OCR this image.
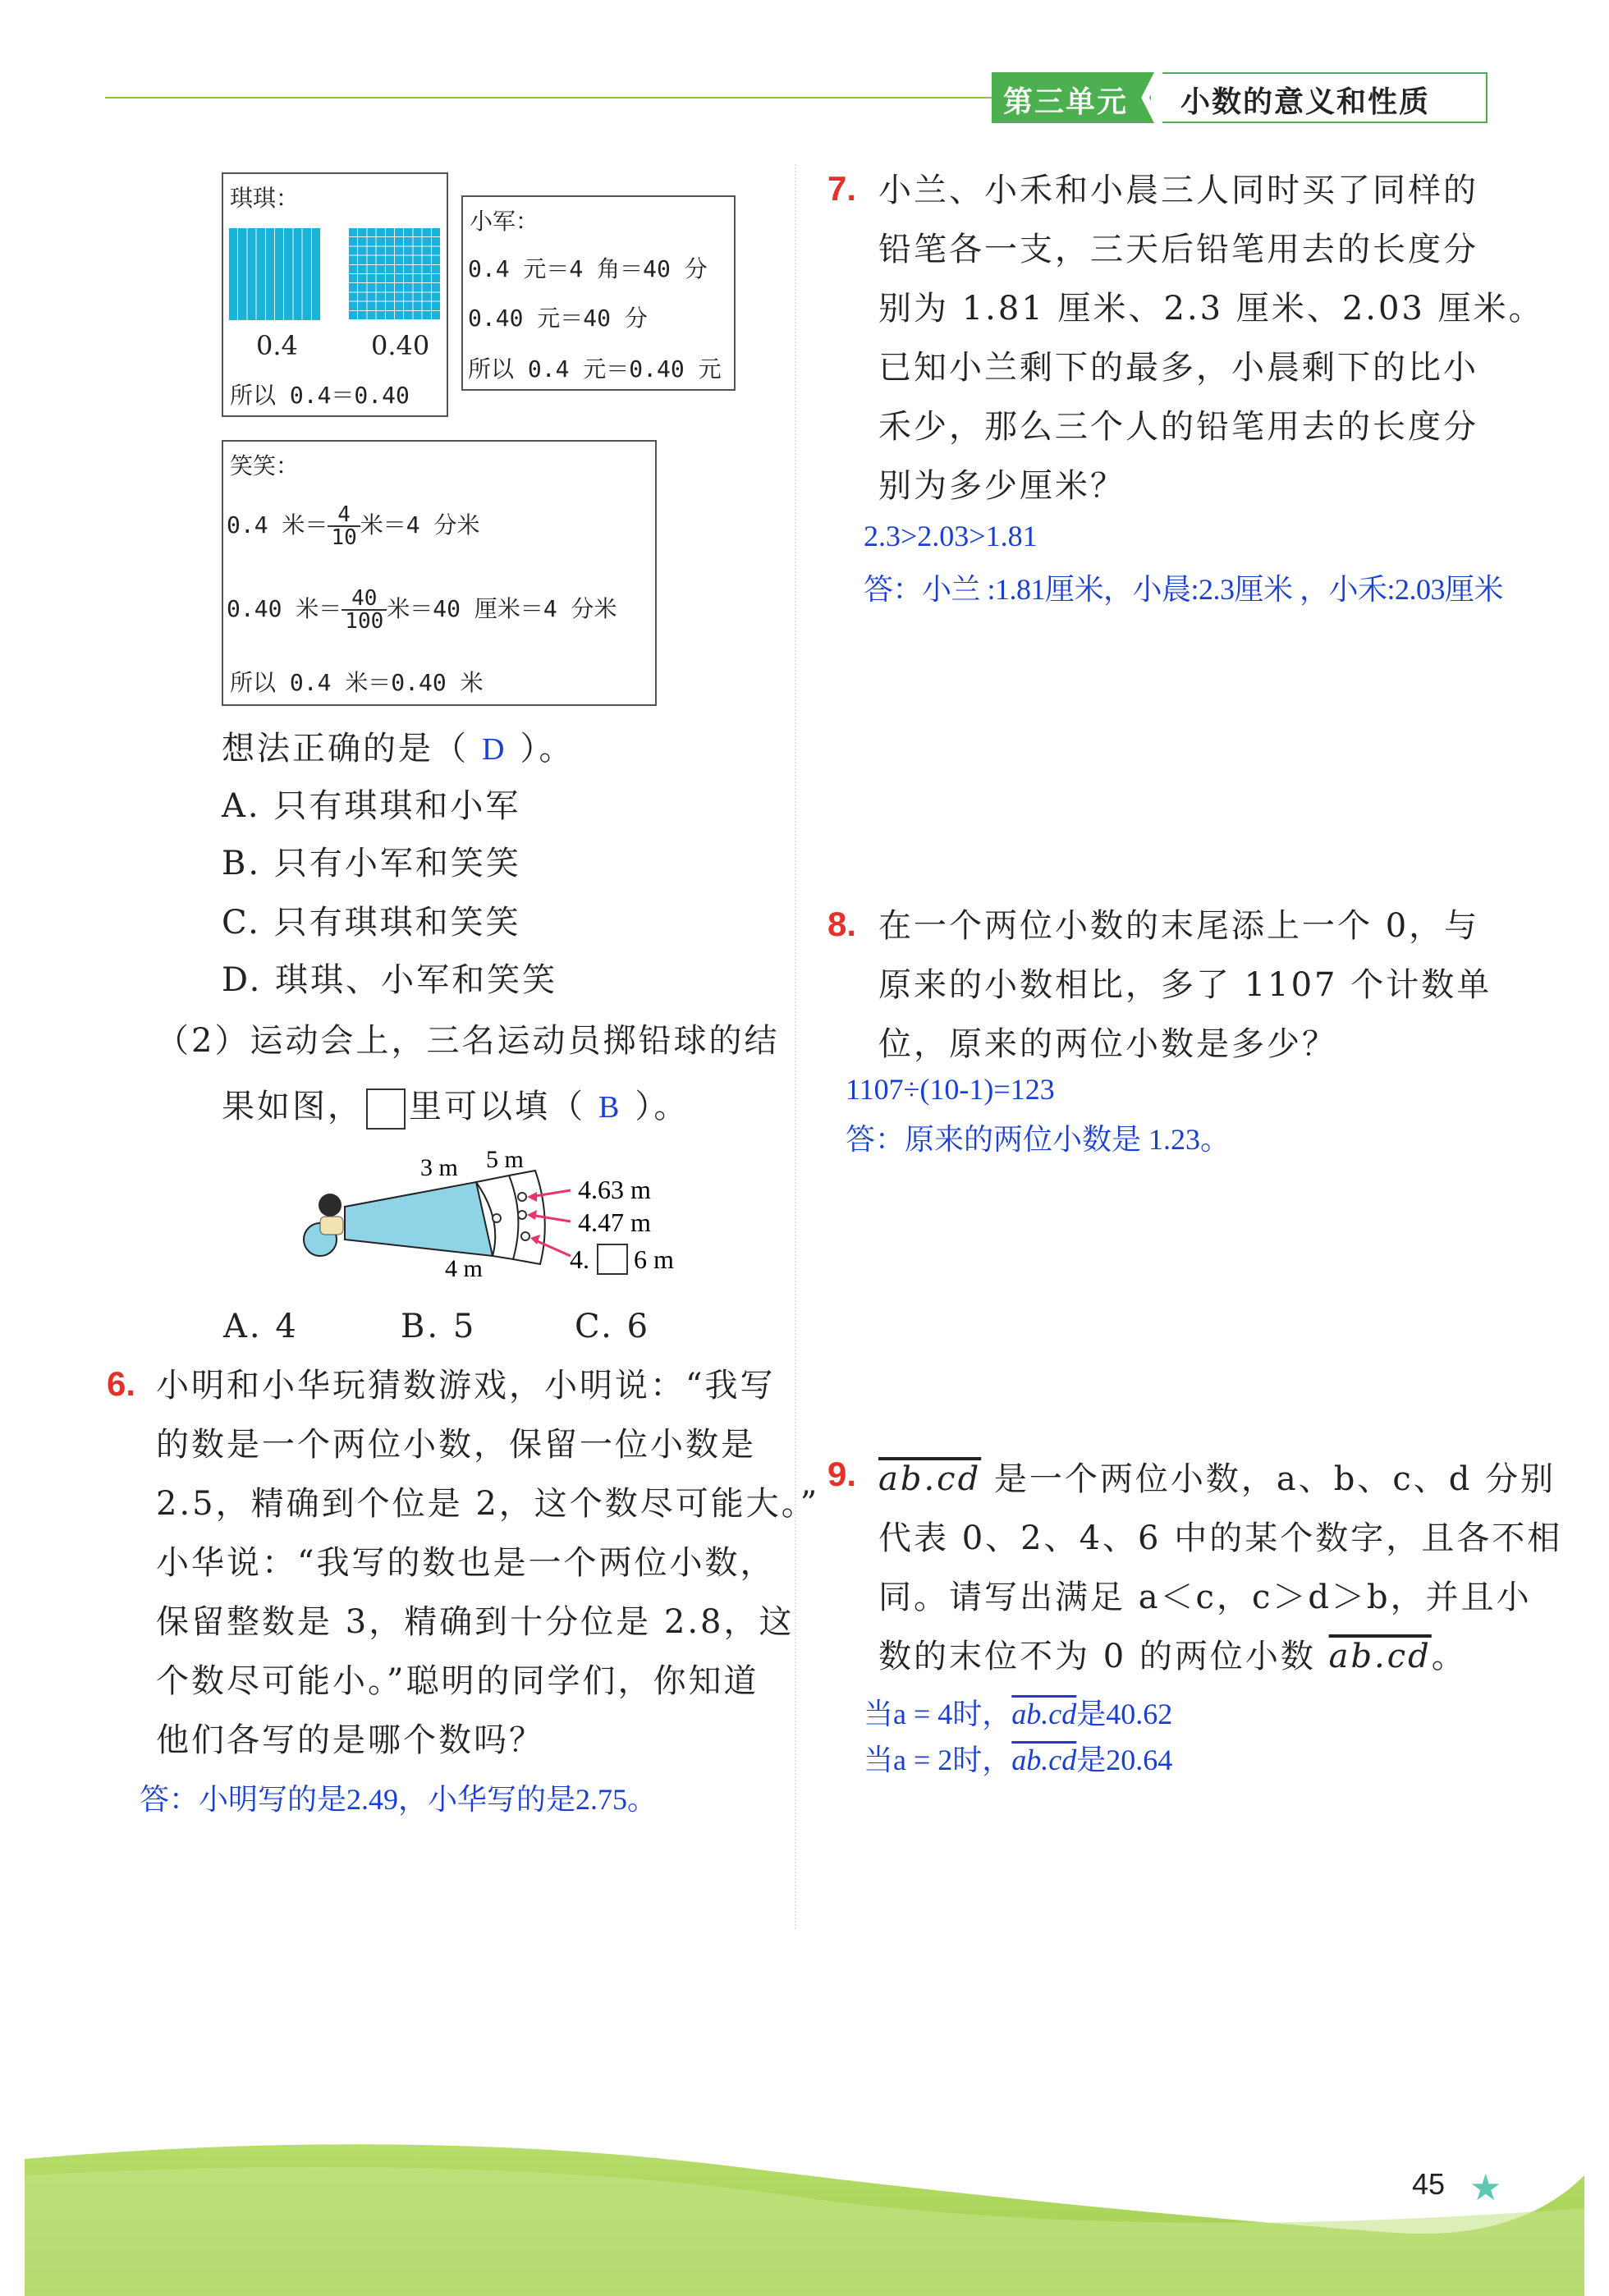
第三单元 小数的意义和性质
琪琪：
0.4	0.40
所以 0.4＝0.40
小军：
0.4 元＝4 角＝40 分
0.40 元＝40 分
所以 0.4 元＝0.40 元
笑笑：
0.4 米＝ $\frac{4}{10}$ 米＝4 分米
0.40 米＝ $\frac{40}{100}$ 米＝40 厘米＝4 分米
所以 0.4 米＝0.40 米
想法正确的是（ D ）。
A. 只有琪琪和小军
B. 只有小军和笑笑
C. 只有琪琪和笑笑
D. 琪琪、小军和笑笑
（2）运动会上，三名运动员掷铅球的结
果如图， 里可以填（ B ）。
3 m 5 m
4 m
4.63 m
4.47 m
4. 6 m
A. 4	B. 5	C. 6
6. 小明和小华玩猜数游戏，小明说：“我写
的数是一个两位小数，保留一位小数是
2.5，精确到个位是 2，这个数尽可能大。”
小华说：“我写的数也是一个两位小数，
保留整数是 3，精确到十分位是 2.8，这
个数尽可能小。”聪明的同学们，你知道
他们各写的是哪个数吗？
答：小明写的是2.49，小华写的是2.75。
7. 小兰、小禾和小晨三人同时买了同样的
铅笔各一支，三天后铅笔用去的长度分
别为 1.81 厘米、2.3 厘米、2.03 厘米。
已知小兰剩下的最多，小晨剩下的比小
禾少，那么三个人的铅笔用去的长度分
别为多少厘米？
2.3>2.03>1.81
答：小兰 :1.81厘米，小晨:2.3厘米 ，小禾:2.03厘米
8. 在一个两位小数的末尾添上一个 0，与
原来的小数相比，多了 1107 个计数单
位，原来的两位小数是多少？
1107÷(10-1)=123
答：原来的两位小数是 1.23。
9. ab.cd 是一个两位小数，a、b、c、d 分别
代表 0、2、4、6 中的某个数字，且各不相
同。请写出满足 a＜c，c＞d＞b，并且小
数的末位不为 0 的两位小数 ab.cd。
当a = 4时，ab.cd是40.62
当a = 2时，ab.cd是20.64
45 ★
